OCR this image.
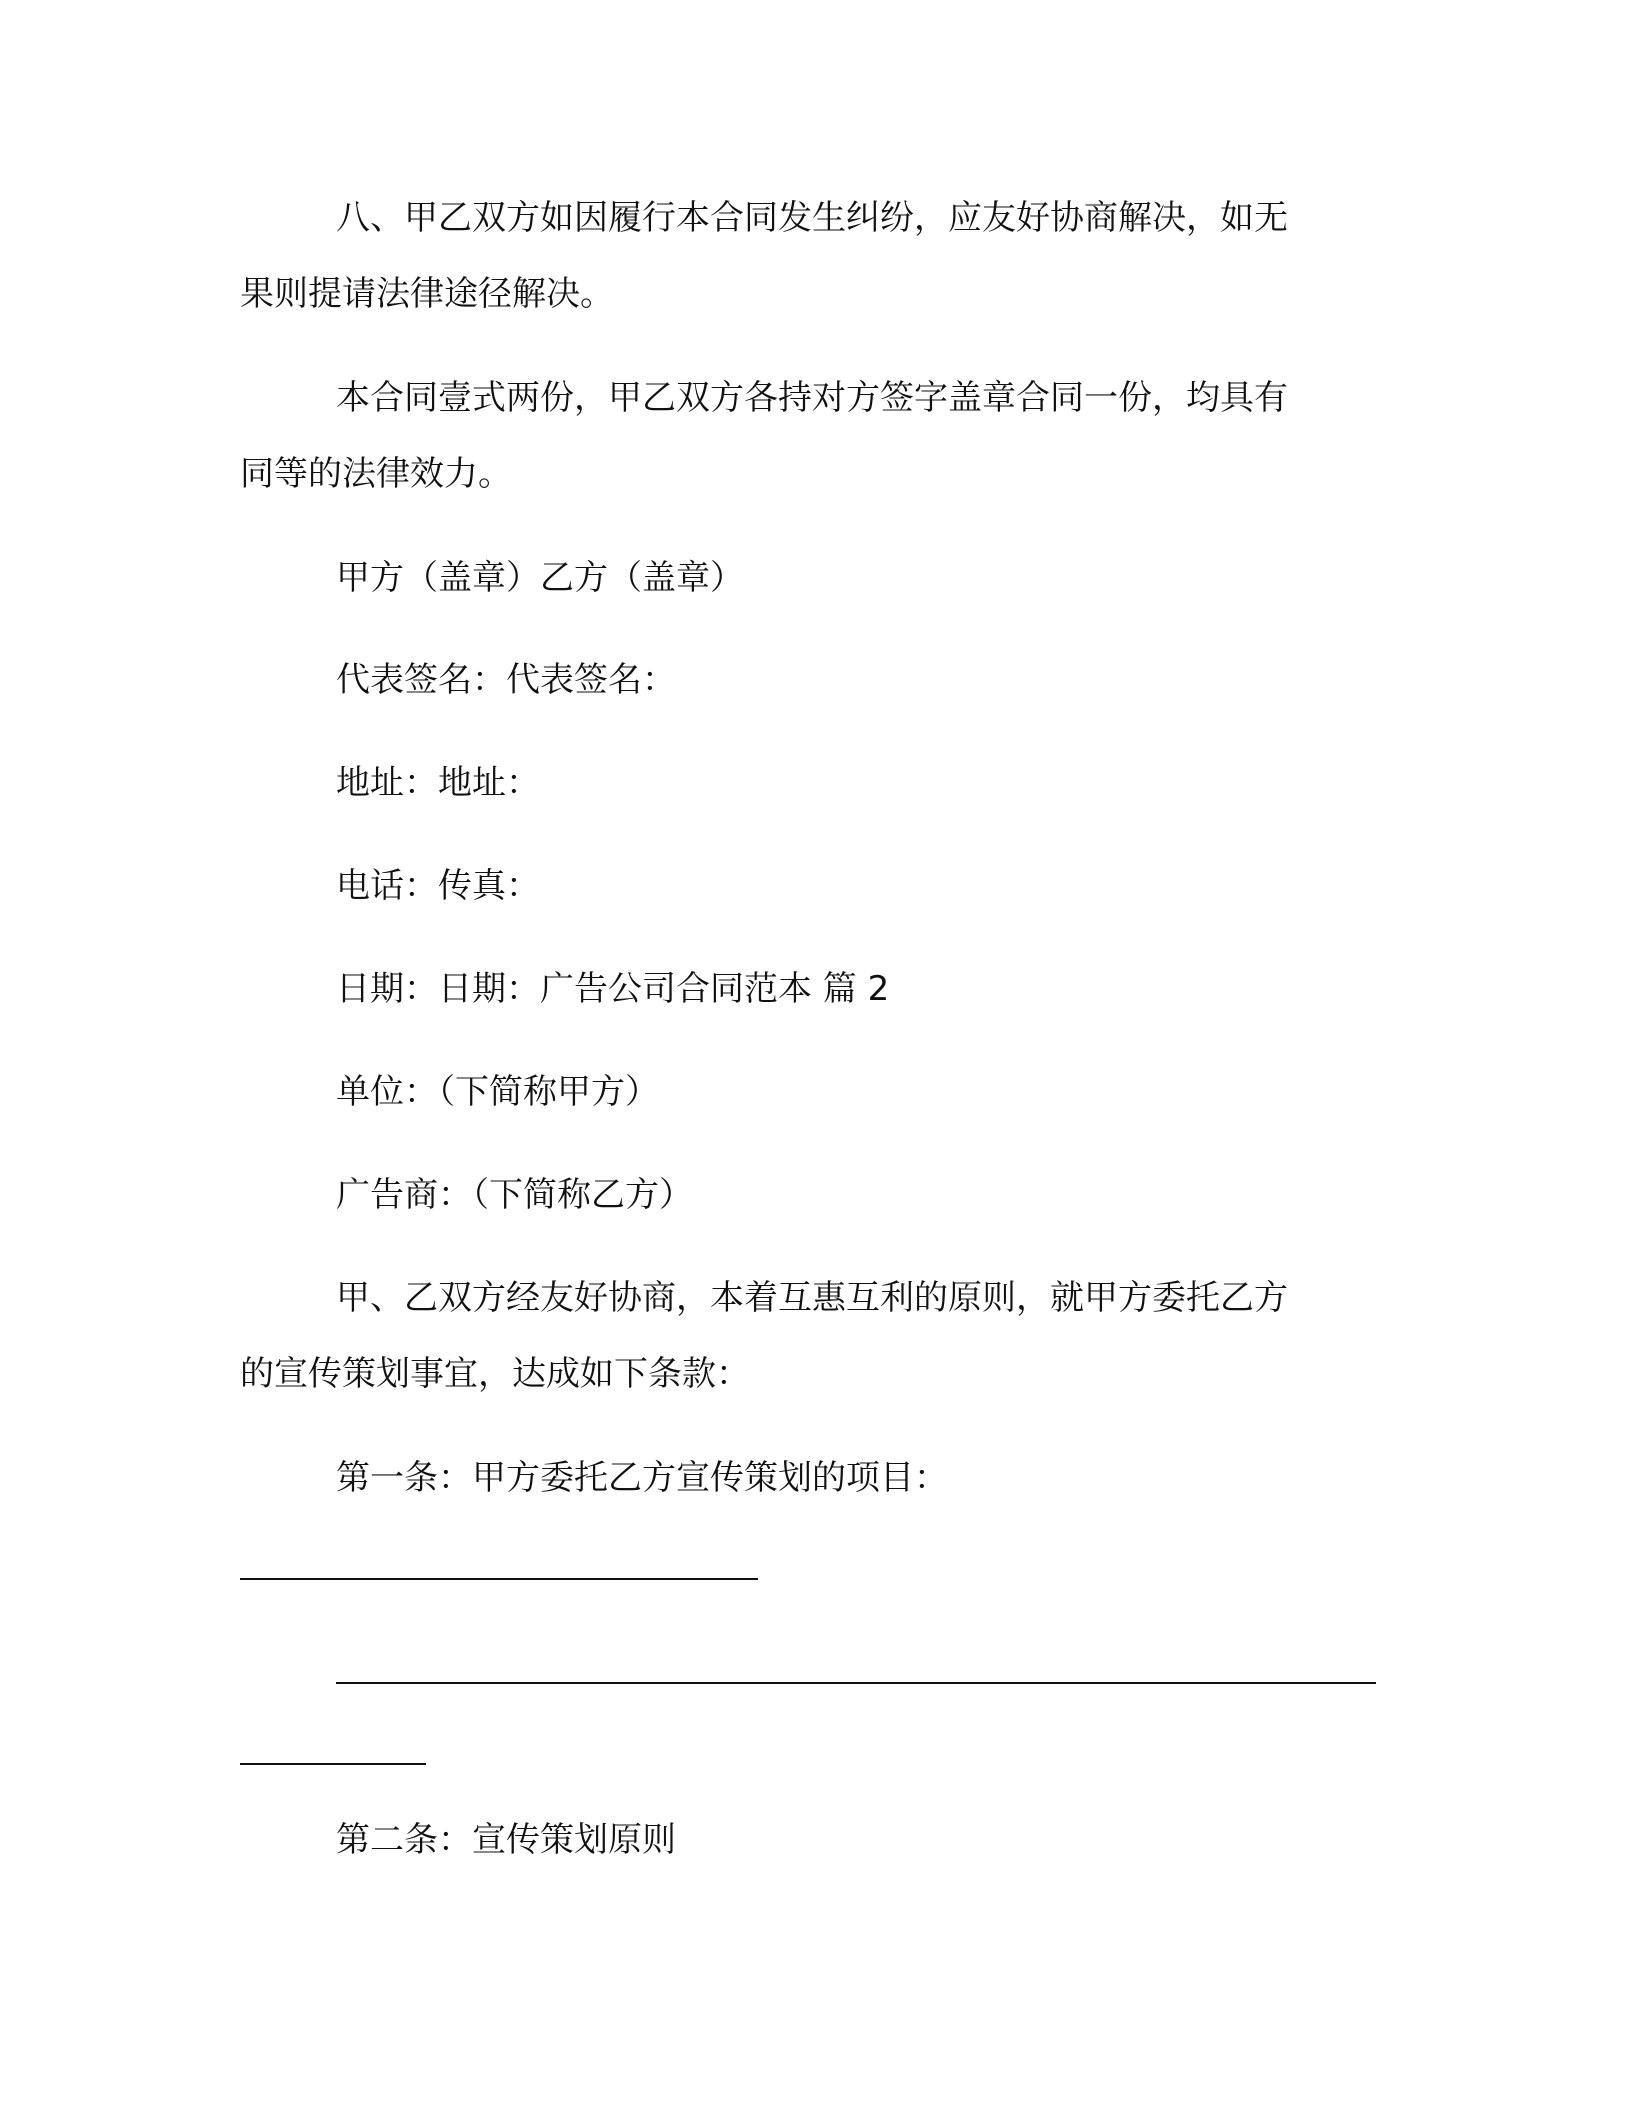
八、甲乙双方如因履行本合同发生纠纷，应友好协商解决，如无
果则提请法律途径解决。
本合同壹式两份，甲乙双方各持对方签字盖章合同一份，均具有
同等的法律效力。
甲方（盖章）乙方（盖章）
代表签名：代表签名：
地址：地址：
电话：传真：
日期：日期：广告公司合同范本 篇 2
单位：（下简称甲方）
广告商：（下简称乙方）
甲、乙双方经友好协商，本着互惠互利的原则，就甲方委托乙方
的宣传策划事宜，达成如下条款：
第一条：甲方委托乙方宣传策划的项目：
第二条：宣传策划原则
